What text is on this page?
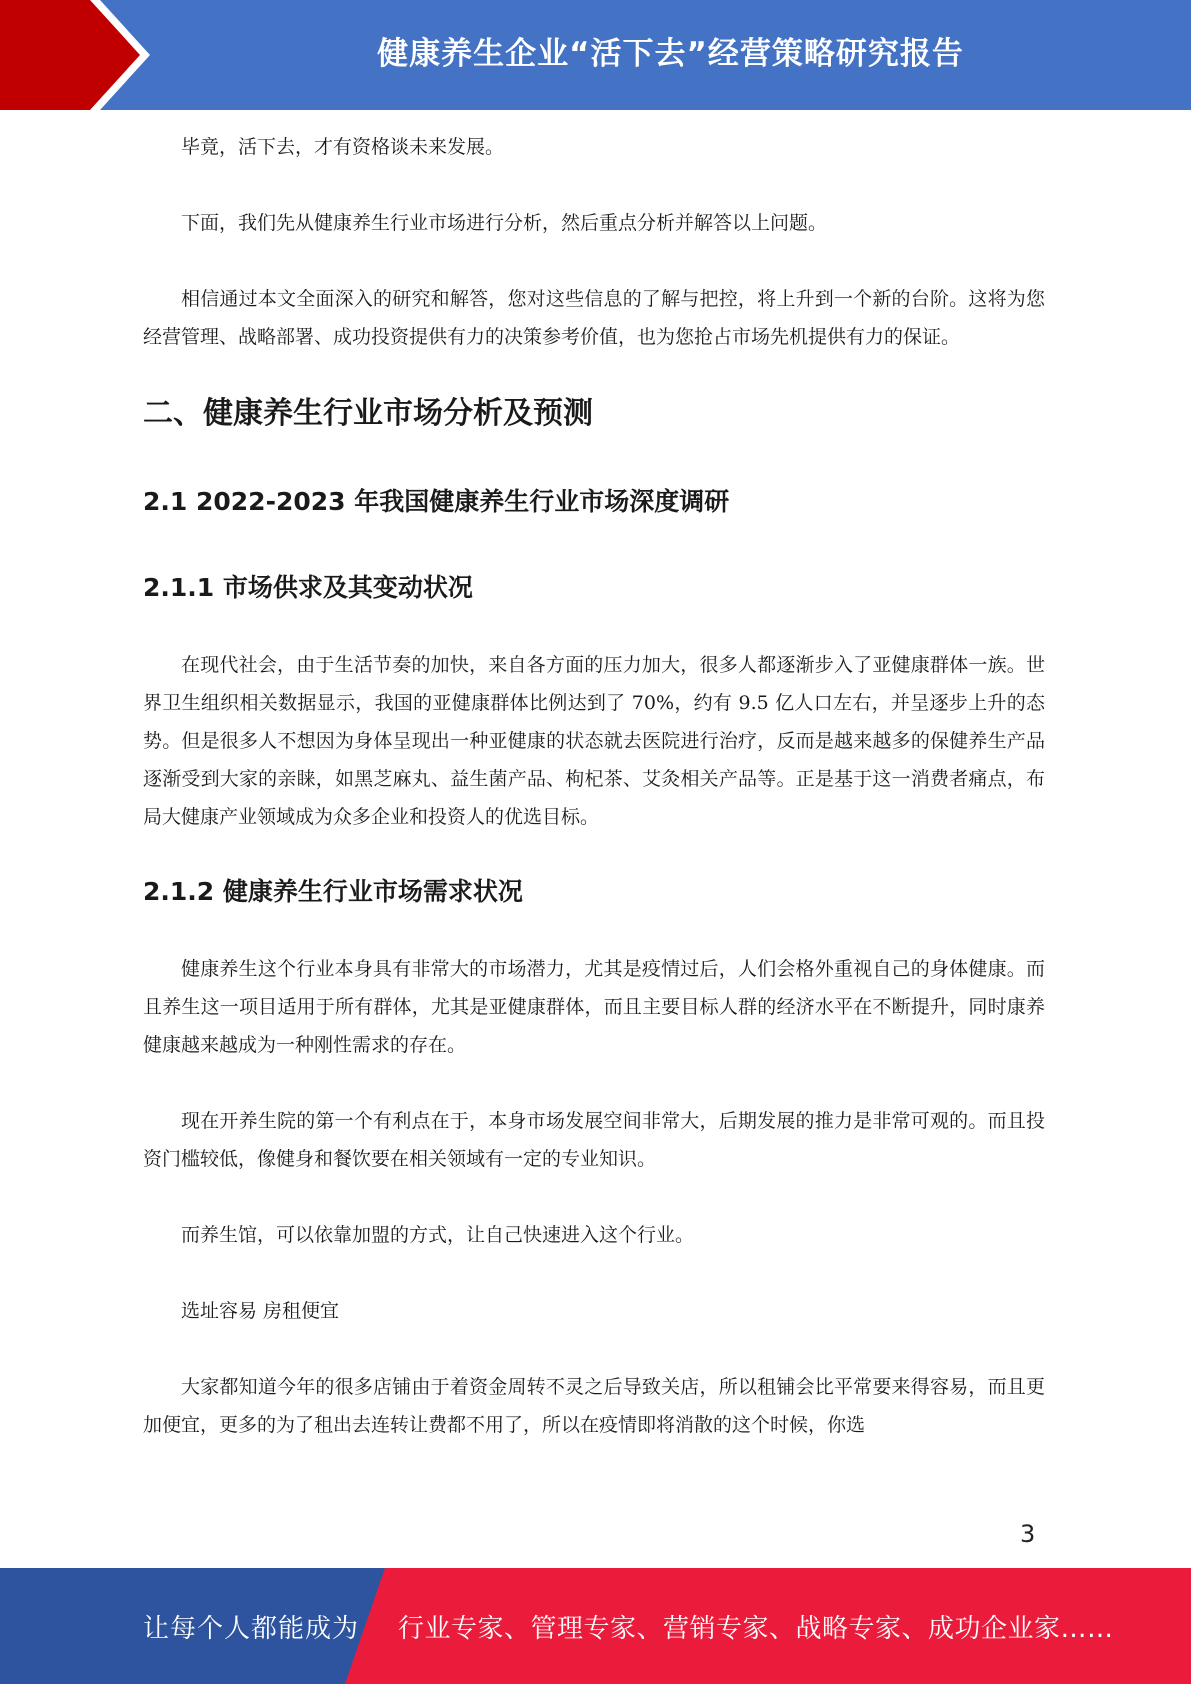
健康养生企业“活下去”经营策略研究报告

毕竟，活下去，才有资格谈未来发展。

下面，我们先从健康养生行业市场进行分析，然后重点分析并解答以上问题。

相信通过本文全面深入的研究和解答，您对这些信息的了解与把控，将上升到一个新的台阶。这将为您经营管理、战略部署、成功投资提供有力的决策参考价值，也为您抢占市场先机提供有力的保证。

二、健康养生行业市场分析及预测
2.1 2022-2023 年我国健康养生行业市场深度调研
2.1.1 市场供求及其变动状况

在现代社会，由于生活节奏的加快，来自各方面的压力加大，很多人都逐渐步入了亚健康群体一族。世界卫生组织相关数据显示，我国的亚健康群体比例达到了 70%，约有 9.5 亿人口左右，并呈逐步上升的态势。但是很多人不想因为身体呈现出一种亚健康的状态就去医院进行治疗，反而是越来越多的保健养生产品逐渐受到大家的亲睐，如黑芝麻丸、益生菌产品、枸杞茶、艾灸相关产品等。正是基于这一消费者痛点，布局大健康产业领域成为众多企业和投资人的优选目标。

2.1.2 健康养生行业市场需求状况

健康养生这个行业本身具有非常大的市场潜力，尤其是疫情过后，人们会格外重视自己的身体健康。而且养生这一项目适用于所有群体，尤其是亚健康群体，而且主要目标人群的经济水平在不断提升，同时康养健康越来越成为一种刚性需求的存在。

现在开养生院的第一个有利点在于，本身市场发展空间非常大，后期发展的推力是非常可观的。而且投资门槛较低，像健身和餐饮要在相关领域有一定的专业知识。

而养生馆，可以依靠加盟的方式，让自己快速进入这个行业。

选址容易 房租便宜

大家都知道今年的很多店铺由于着资金周转不灵之后导致关店，所以租铺会比平常要来得容易，而且更加便宜，更多的为了租出去连转让费都不用了，所以在疫情即将消散的这个时候，你选

3
让每个人都能成为 行业专家、管理专家、营销专家、战略专家、成功企业家……
